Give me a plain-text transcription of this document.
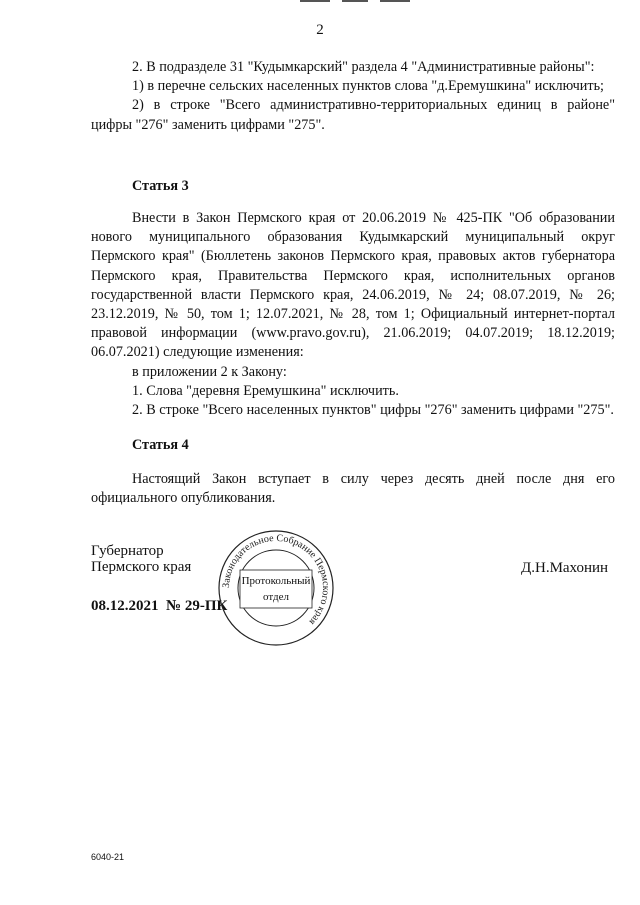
2

2. В подразделе 31 "Кудымкарский" раздела 4 "Административные районы":

1) в перечне сельских населенных пунктов слова "д.Еремушкина" исключить;

2) в строке "Всего административно-территориальных единиц в районе" цифры "276" заменить цифрами "275".

Статья 3

Внести в Закон Пермского края от 20.06.2019 № 425-ПК "Об образовании нового муниципального образования Кудымкарский муниципальный округ Пермского края" (Бюллетень законов Пермского края, правовых актов губернатора Пермского края, Правительства Пермского края, исполнительных органов государственной власти Пермского края, 24.06.2019, № 24; 08.07.2019, № 26; 23.12.2019, № 50, том 1; 12.07.2021, № 28, том 1; Официальный интернет-портал правовой информации (www.pravo.gov.ru), 21.06.2019; 04.07.2019; 18.12.2019; 06.07.2021) следующие изменения:

в приложении 2 к Закону:

1. Слова "деревня Еремушкина" исключить.

2. В строке "Всего населенных пунктов" цифры "276" заменить цифрами "275".

Статья 4

Настоящий Закон вступает в силу через десять дней после дня его официального опубликования.

Губернатор
Пермского края	Д.Н.Махонин
08.12.2021 № 29-ПК
Законодательное Собрание Пермского края
Протокольный
отдел
6040-21
